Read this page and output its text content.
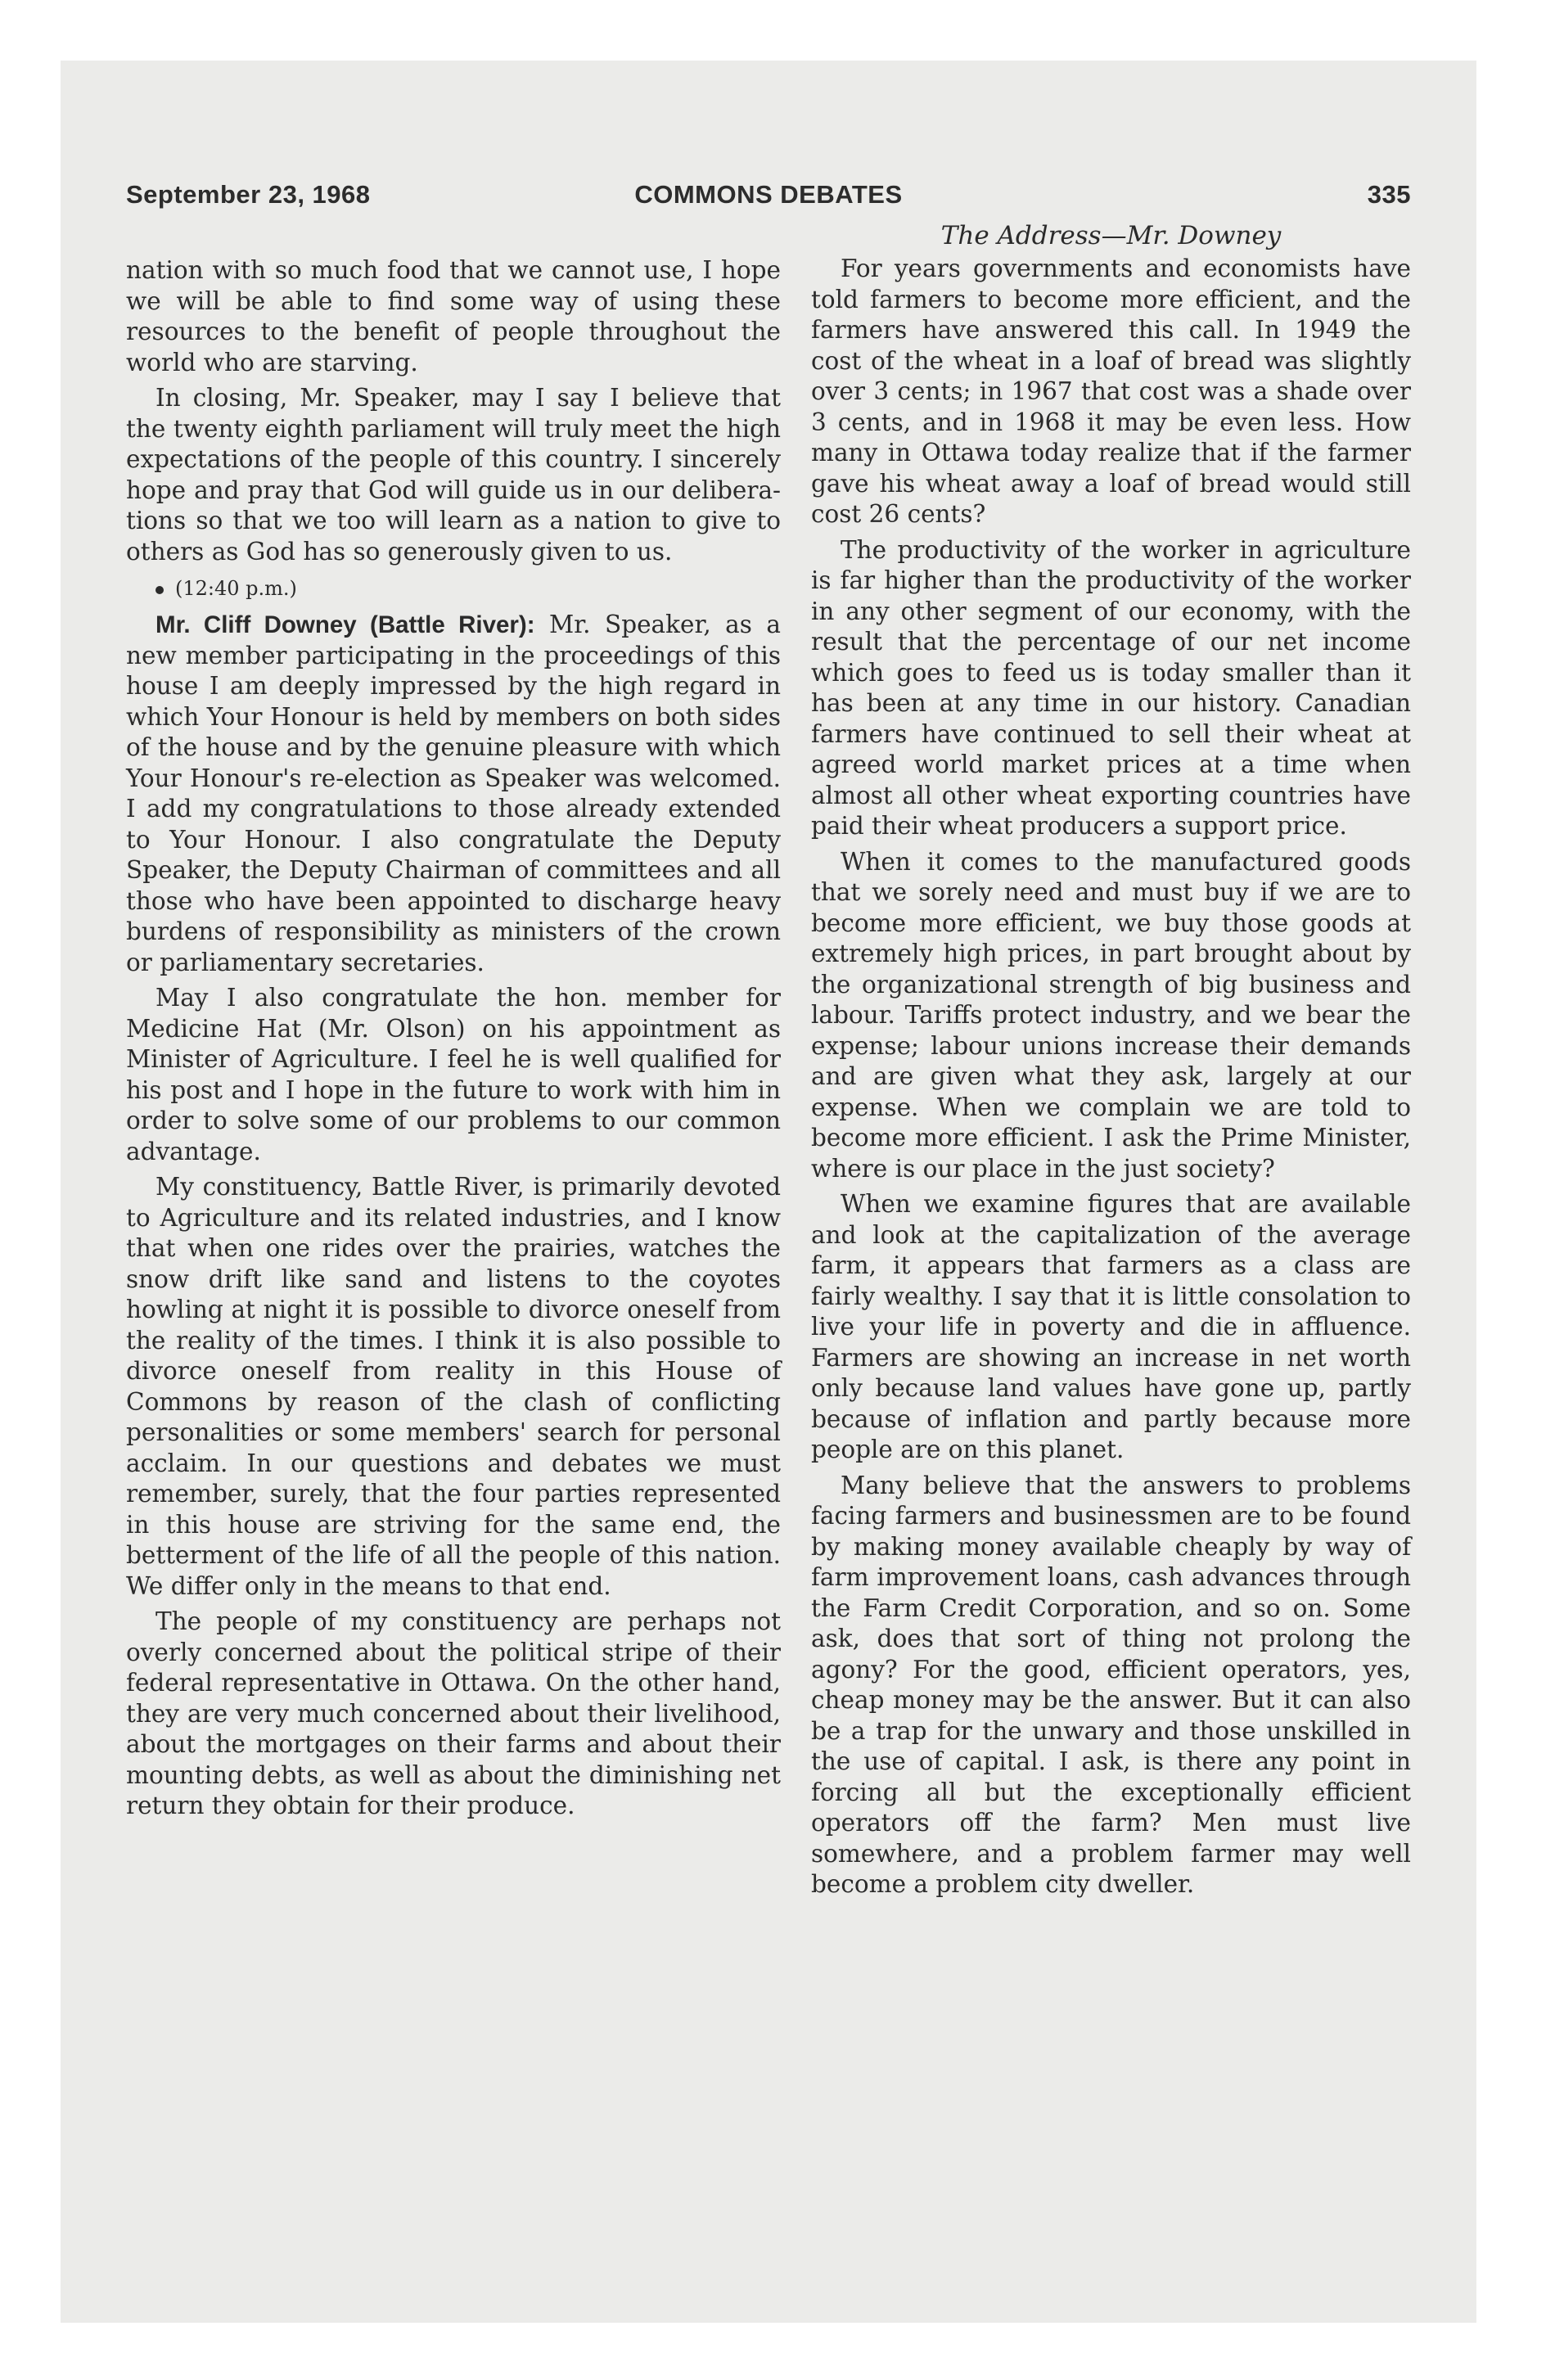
September 23, 1968	COMMONS DEBATES	335

nation with so much food that we cannot use, I hope we will be able to find some way of using these resources to the benefit of people throughout the world who are starving.

In closing, Mr. Speaker, may I say I believe that the twenty eighth parliament will truly meet the high expectations of the people of this country. I sincerely hope and pray that God will guide us in our deliberations so that we too will learn as a nation to give to others as God has so generously given to us.

(12:40 p.m.)

Mr. Cliff Downey (Battle River): Mr. Speaker, as a new member participating in the proceedings of this house I am deeply impressed by the high regard in which Your Honour is held by members on both sides of the house and by the genuine pleasure with which Your Honour's re-election as Speaker was welcomed. I add my congratulations to those already extended to Your Honour. I also congratulate the Deputy Speaker, the Deputy Chairman of committees and all those who have been appointed to discharge heavy burdens of responsibility as ministers of the crown or parliamentary secretaries.

May I also congratulate the hon. member for Medicine Hat (Mr. Olson) on his appointment as Minister of Agriculture. I feel he is well qualified for his post and I hope in the future to work with him in order to solve some of our problems to our common advantage.

My constituency, Battle River, is primarily devoted to Agriculture and its related industries, and I know that when one rides over the prairies, watches the snow drift like sand and listens to the coyotes howling at night it is possible to divorce oneself from the reality of the times. I think it is also possible to divorce oneself from reality in this House of Commons by reason of the clash of conflicting personalities or some members' search for personal acclaim. In our questions and debates we must remember, surely, that the four parties represented in this house are striving for the same end, the betterment of the life of all the people of this nation. We differ only in the means to that end.

The people of my constituency are perhaps not overly concerned about the political stripe of their federal representative in Ottawa. On the other hand, they are very much concerned about their livelihood, about the mortgages on their farms and about their mounting debts, as well as about the diminishing net return they obtain for their produce.

The Address—Mr. Downey

For years governments and economists have told farmers to become more efficient, and the farmers have answered this call. In 1949 the cost of the wheat in a loaf of bread was slightly over 3 cents; in 1967 that cost was a shade over 3 cents, and in 1968 it may be even less. How many in Ottawa today realize that if the farmer gave his wheat away a loaf of bread would still cost 26 cents?

The productivity of the worker in agriculture is far higher than the productivity of the worker in any other segment of our economy, with the result that the percentage of our net income which goes to feed us is today smaller than it has been at any time in our history. Canadian farmers have continued to sell their wheat at agreed world market prices at a time when almost all other wheat exporting countries have paid their wheat producers a support price.

When it comes to the manufactured goods that we sorely need and must buy if we are to become more efficient, we buy those goods at extremely high prices, in part brought about by the organizational strength of big business and labour. Tariffs protect industry, and we bear the expense; labour unions increase their demands and are given what they ask, largely at our expense. When we complain we are told to become more efficient. I ask the Prime Minister, where is our place in the just society?

When we examine figures that are available and look at the capitalization of the average farm, it appears that farmers as a class are fairly wealthy. I say that it is little consolation to live your life in poverty and die in affluence. Farmers are showing an increase in net worth only because land values have gone up, partly because of inflation and partly because more people are on this planet.

Many believe that the answers to problems facing farmers and businessmen are to be found by making money available cheaply by way of farm improvement loans, cash advances through the Farm Credit Corporation, and so on. Some ask, does that sort of thing not prolong the agony? For the good, efficient operators, yes, cheap money may be the answer. But it can also be a trap for the unwary and those unskilled in the use of capital. I ask, is there any point in forcing all but the exceptionally efficient operators off the farm? Men must live somewhere, and a problem farmer may well become a problem city dweller.
